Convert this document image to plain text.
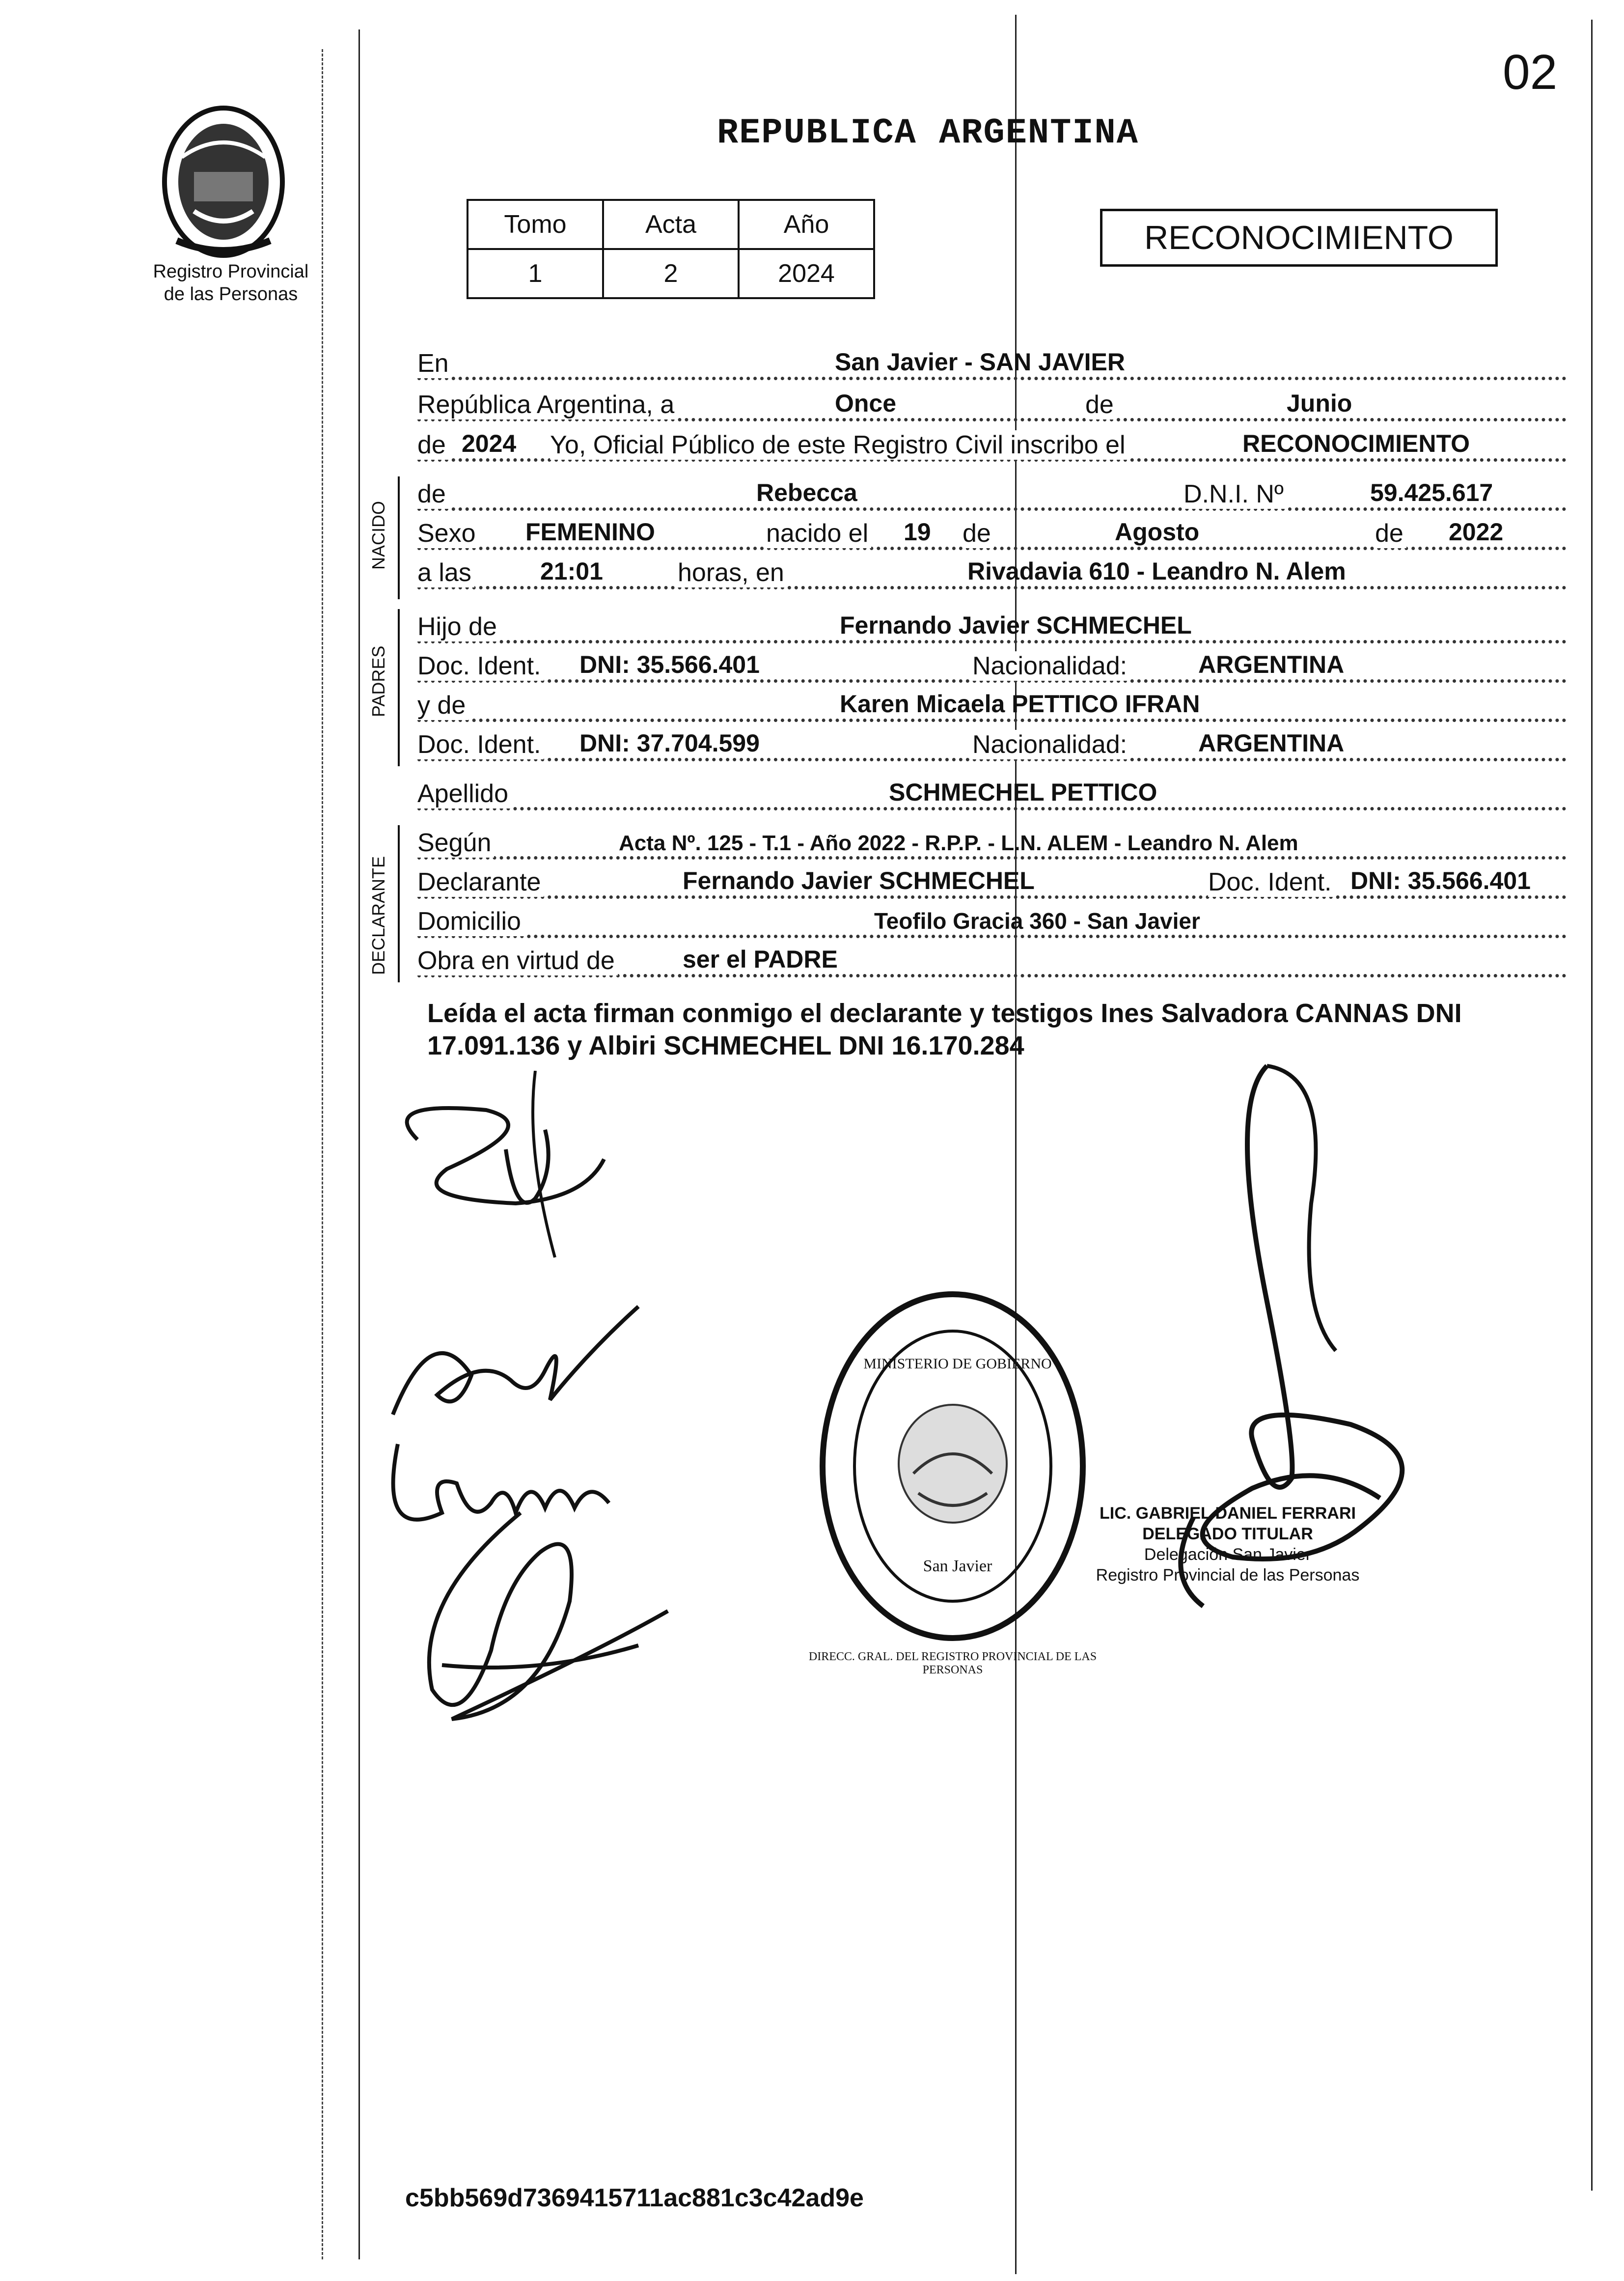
02
Registro Provincial
de las Personas
REPUBLICA ARGENTINA
Tomo	Acta	Año
1	2	2024
RECONOCIMIENTO
En	San Javier - SAN JAVIER
República Argentina, a	Once	de	Junio
de 2024 Yo, Oficial Público de este Registro Civil inscribo el	RECONOCIMIENTO
NACIDO
de	Rebecca	D.N.I. Nº	59.425.617
Sexo FEMENINO	nacido el 19 de	Agosto	de 2022
a las	21:01	horas, en	Rivadavia 610 - Leandro N. Alem
PADRES
Hijo de	Fernando Javier SCHMECHEL
Doc. Ident. DNI: 35.566.401	Nacionalidad:	ARGENTINA
y de	Karen Micaela PETTICO IFRAN
Doc. Ident. DNI: 37.704.599	Nacionalidad:	ARGENTINA
Apellido	SCHMECHEL PETTICO
DECLARANTE
Según	Acta Nº. 125 - T.1 - Año 2022 - R.P.P. - L.N. ALEM - Leandro N. Alem
Declarante	Fernando Javier SCHMECHEL	Doc. Ident. DNI: 35.566.401
Domicilio	Teofilo Gracia 360 - San Javier
Obra en virtud de	ser el PADRE
Leída el acta firman conmigo el declarante y testigos Ines Salvadora CANNAS DNI 17.091.136 y Albiri SCHMECHEL DNI 16.170.284
DIRECC. GRAL. DEL REGISTRO PROVINCIAL DE LAS PERSONAS
MINISTERIO DE GOBIERNO
San Javier
LIC. GABRIEL DANIEL FERRARI
DELEGADO TITULAR
Delegación San Javier
Registro Provincial de las Personas
c5bb569d7369415711ac881c3c42ad9e
